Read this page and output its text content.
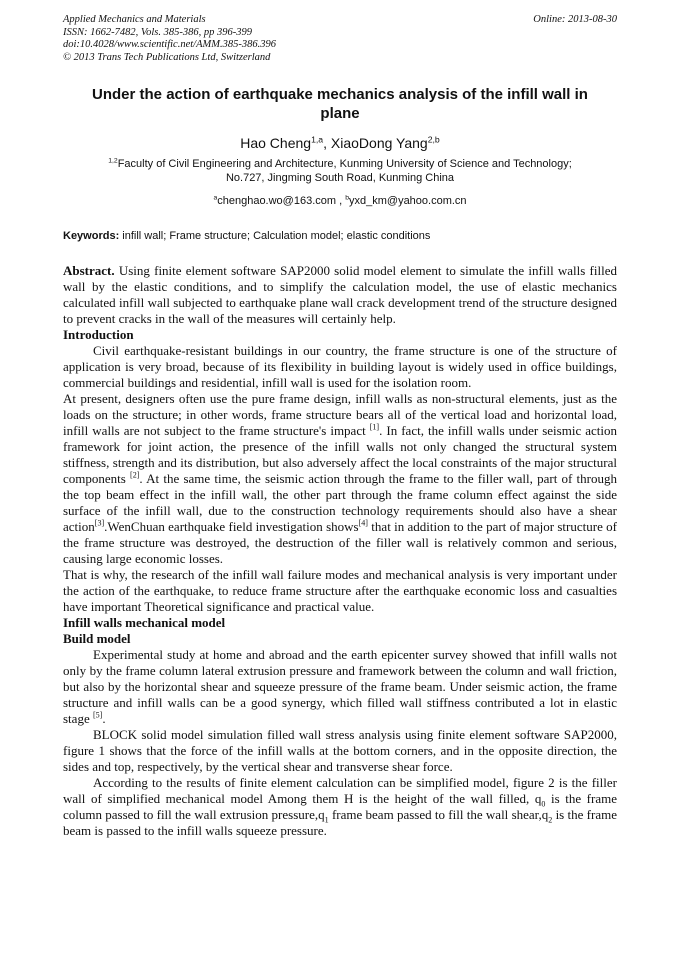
Applied Mechanics and Materials
ISSN: 1662-7482, Vols. 385-386, pp 396-399
doi:10.4028/www.scientific.net/AMM.385-386.396
© 2013 Trans Tech Publications Ltd, Switzerland
Online: 2013-08-30
Under the action of earthquake mechanics analysis of the infill wall in
plane
Hao Cheng$^{1,a}$, XiaoDong Yang$^{2,b}$
$^{1,2}$Faculty of Civil Engineering and Architecture, Kunming University of Science and Technology;
No.727, Jingming South Road, Kunming China
$^a$chenghao.wo@163.com , $^b$yxd_km@yahoo.com.cn
Keywords: infill wall; Frame structure; Calculation model; elastic conditions

Abstract. Using finite element software SAP2000 solid model element to simulate the infill walls filled wall by the elastic conditions, and to simplify the calculation model, the use of elastic mechanics calculated infill wall subjected to earthquake plane wall crack development trend of the structure designed to prevent cracks in the wall of the measures will certainly help.

Introduction

Civil earthquake-resistant buildings in our country, the frame structure is one of the structure of application is very broad, because of its flexibility in building layout is widely used in office buildings, commercial buildings and residential, infill wall is used for the isolation room.

At present, designers often use the pure frame design, infill walls as non-structural elements, just as the loads on the structure; in other words, frame structure bears all of the vertical load and horizontal load, infill walls are not subject to the frame structure's impact [1]. In fact, the infill walls under seismic action framework for joint action, the presence of the infill walls not only changed the structural system stiffness, strength and its distribution, but also adversely affect the local constraints of the major structural components [2]. At the same time, the seismic action through the frame to the filler wall, part of through the top beam effect in the infill wall, the other part through the frame column effect against the side surface of the infill wall, due to the construction technology requirements should also have a shear action[3].WenChuan earthquake field investigation shows[4] that in addition to the part of major structure of the frame structure was destroyed, the destruction of the filler wall is relatively common and serious, causing large economic losses.

That is why, the research of the infill wall failure modes and mechanical analysis is very important under the action of the earthquake, to reduce frame structure after the earthquake economic loss and casualties have important Theoretical significance and practical value.

Infill walls mechanical model
Build model

Experimental study at home and abroad and the earth epicenter survey showed that infill walls not only by the frame column lateral extrusion pressure and framework between the column and wall friction, but also by the horizontal shear and squeeze pressure of the frame beam. Under seismic action, the frame structure and infill walls can be a good synergy, which filled wall stiffness contributed a lot in elastic stage [5].

BLOCK solid model simulation filled wall stress analysis using finite element software SAP2000, figure 1 shows that the force of the infill walls at the bottom corners, and in the opposite direction, the sides and top, respectively, by the vertical shear and transverse shear force.

According to the results of finite element calculation can be simplified model, figure 2 is the filler wall of simplified mechanical model Among them H is the height of the wall filled, $q_0$ is the frame column passed to fill the wall extrusion $pressure,q_1$ frame beam passed to fill the wall $shear,q_2$ is the frame beam is passed to the infill walls squeeze pressure.
